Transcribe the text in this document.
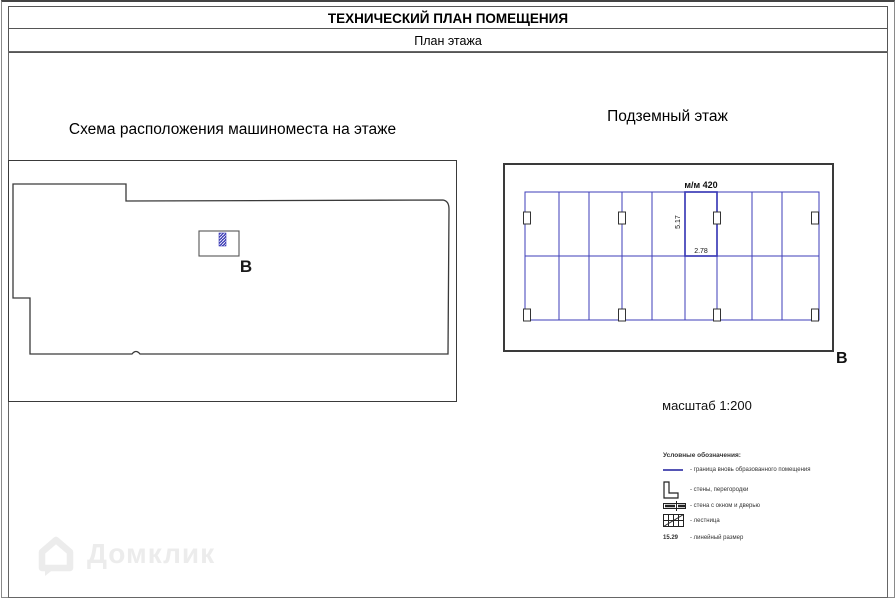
ТЕХНИЧЕСКИЙ ПЛАН ПОМЕЩЕНИЯ
План этажа
Схема расположения машиноместа на этаже
Подземный этаж
В
м/м 420
5.17
2.78
В
масштаб 1:200
Условные обозначения:
- граница вновь образованного помещения
- стены, перегородки
- стена с окном и дверью
- лестница
15.29 - линейный размер
Домклик
